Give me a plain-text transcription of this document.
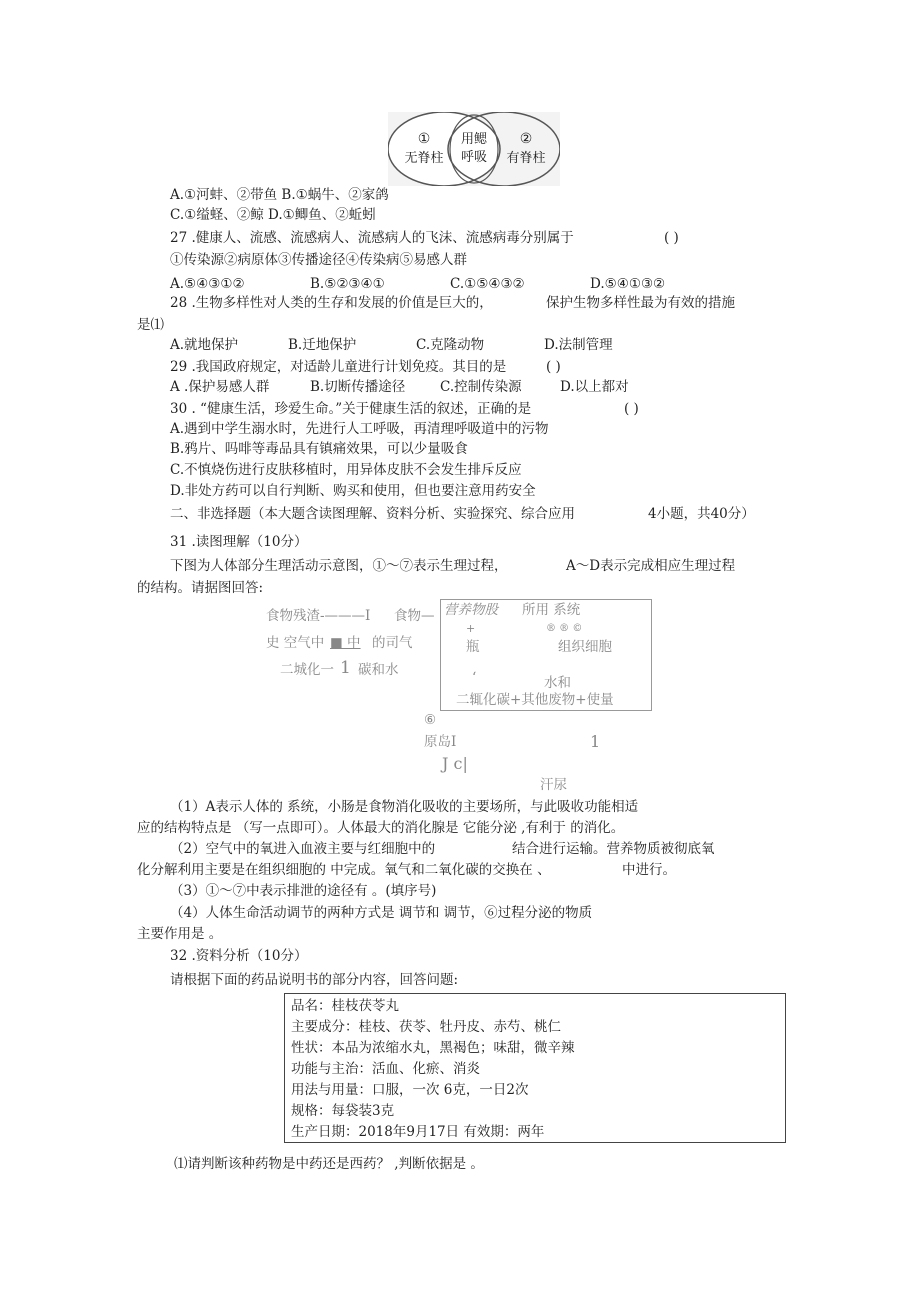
①
无脊柱
用鳃
呼吸
②
有脊柱
A.①河蚌、②带鱼 B.①蜗牛、②家鸽
C.①缢蛏、②鲸 D.①鲫鱼、②蚯蚓
27 .健康人、流感、流感病人、流感病人的飞沫、流感病毒分别属于	( )
①传染源②病原体③传播途径④传染病⑤易感人群
A.⑤④③①②	B.⑤②③④①	C.①⑤④③②	D.⑤④①③②
28 .生物多样性对人类的生存和发展的价值是巨大的，	保护生物多样性最为有效的措施
是⑴
A.就地保护	B.迁地保护	C.克隆动物	D.法制管理
29 .我国政府规定，对适龄儿童进行计划免疫。其目的是	( )
A .保护易感人群	B.切断传播途径	C.控制传染源	D.以上都对
30 . “健康生活，珍爱生命。”关于健康生活的叙述，正确的是	( )
A.遇到中学生溺水时，先进行人工呼吸，再清理呼吸道中的污物
B.鸦片、吗啡等毒品具有镇痛效果，可以少量吸食
C.不慎烧伤进行皮肤移植时，用异体皮肤不会发生排斥反应
D.非处方药可以自行判断、购买和使用，但也要注意用药安全
二、非选择题（本大题含读图理解、资料分析、实验探究、综合应用	4小题，共40分）
31 .读图理解（10分）
下图为人体部分生理活动示意图，①～⑦表示生理过程，	A～D表示完成相应生理过程
的结构。请据图回答:
食物残渣-———I 食物—
史 空气中 ■ 中 的司气
二城化一 1 碳和水
营养物股 所用 系统
+	® ® ©
瓶	组织细胞
‘	水和
二辄化碳+其他废物+使量
⑥
原岛I	1
J c|
汗尿
（1）A表示人体的 系统，小肠是食物消化吸收的主要场所，与此吸收功能相适
应的结构特点是 （写一点即可）。人体最大的消化腺是 它能分泌 ,有利于 的消化。
（2）空气中的氧进入血液主要与红细胞中的	结合进行运输。营养物质被彻底氧
化分解利用主要是在组织细胞的 中完成。氧气和二氧化碳的交换在 、	中进行。
（3）①～⑦中表示排泄的途径有 。(填序号)
（4）人体生命活动调节的两种方式是 调节和 调节，⑥过程分泌的物质
主要作用是 。
32 .资料分析（10分）
请根据下面的药品说明书的部分内容，回答问题:
品名：桂枝茯苓丸
主要成分：桂枝、茯苓、牡丹皮、赤芍、桃仁
性状：本品为浓缩水丸，黑褐色；味甜，微辛辣
功能与主治：活血、化瘀、消炎
用法与用量：口服，一次 6克，一日2次
规格：每袋装3克
生产日期：2018年9月17日 有效期：两年
⑴请判断该种药物是中药还是西药？ ,判断依据是 。
